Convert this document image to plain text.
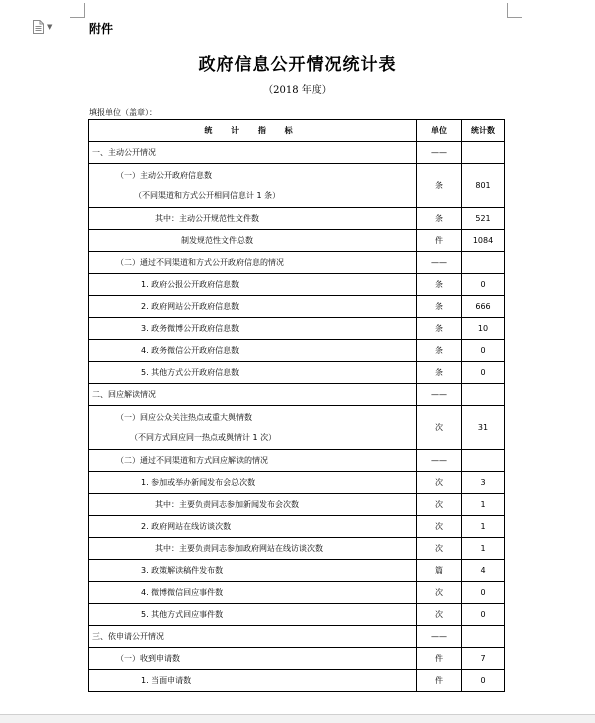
▼	附件
政府信息公开情况统计表
（2018 年度）
填报单位（盖章）：
统 计 指 标	单位	统计数
一、主动公开情况	——	
（一）主动公开政府信息数
（不同渠道和方式公开相同信息计 1 条）	条	801
其中：主动公开规范性文件数	条	521
制发规范性文件总数	件	1084
（二）通过不同渠道和方式公开政府信息的情况	——	
1. 政府公报公开政府信息数	条	0
2. 政府网站公开政府信息数	条	666
3. 政务微博公开政府信息数	条	10
4. 政务微信公开政府信息数	条	0
5. 其他方式公开政府信息数	条	0
二、回应解读情况	——	
（一）回应公众关注热点或重大舆情数
（不同方式回应同一热点或舆情计 1 次）	次	31
（二）通过不同渠道和方式回应解读的情况	——	
1. 参加或举办新闻发布会总次数	次	3
其中：主要负责同志参加新闻发布会次数	次	1
2. 政府网站在线访谈次数	次	1
其中：主要负责同志参加政府网站在线访谈次数	次	1
3. 政策解读稿件发布数	篇	4
4. 微博微信回应事件数	次	0
5. 其他方式回应事件数	次	0
三、依申请公开情况	——	
（一）收到申请数	件	7
1. 当面申请数	件	0
